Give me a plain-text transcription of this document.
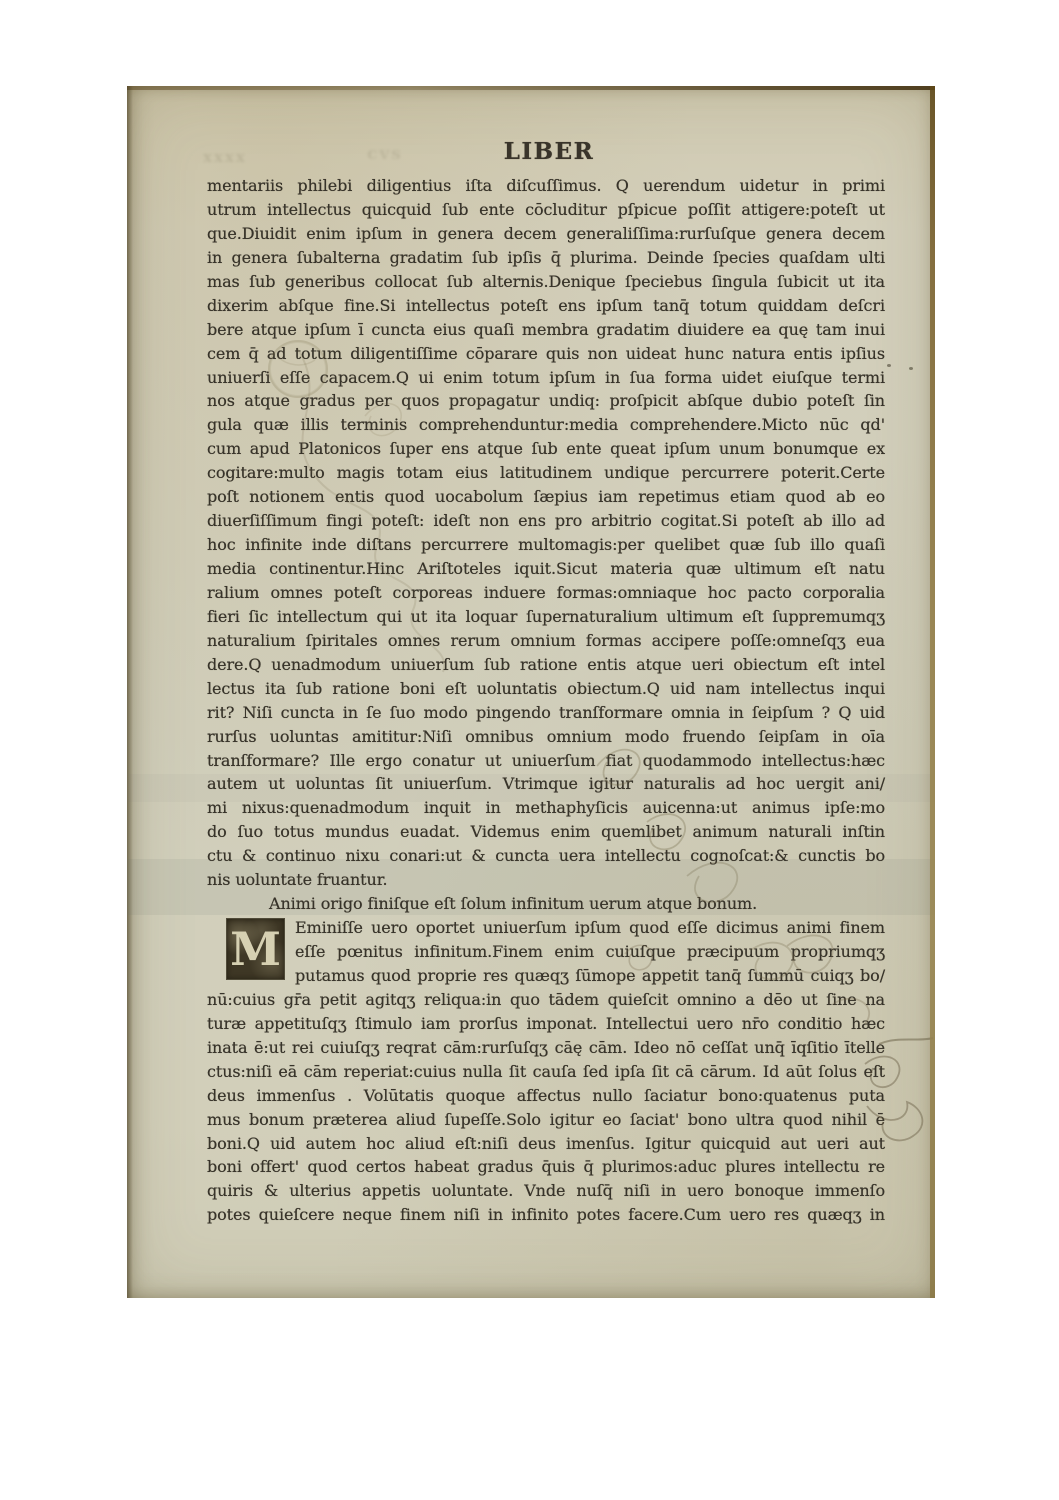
xxxx	cvs	LIBER
mentariis philebi diligentius iſta diſcuſſimus. Q uerendum uidetur in primi
utrum intellectus quicquid ſub ente cōcluditur pſpicue poſſit attigere:poteſt ut
que.Diuidit enim ipſum in genera decem generaliſſima:rurſuſque genera decem
in genera ſubalterna gradatim ſub ipſis q̄ plurima. Deinde ſpecies quaſdam ulti
mas ſub generibus collocat ſub alternis.Denique ſpeciebus ſingula ſubicit ut ita
dixerim abſque fine.Si intellectus poteſt ens ipſum tanq̄ totum quiddam deſcri
bere atque ipſum ī cuncta eius quaſi membra gradatim diuidere ea quę tam inui
cem q̄ ad totum diligentiſſime cōparare quis non uideat hunc natura entis ipſius
uniuerſi eſſe capacem.Q ui enim totum ipſum in ſua forma uidet eiuſque termi
nos atque gradus per quos propagatur undiq: proſpicit abſque dubio poteſt ſin
gula quæ illis terminis comprehenduntur:media comprehendere.Micto nūc qd'
cum apud Platonicos ſuper ens atque ſub ente queat ipſum unum bonumque ex
cogitare:multo magis totam eius latitudinem undique percurrere poterit.Certe
poſt notionem entis quod uocabolum ſæpius iam repetimus etiam quod ab eo
diuerſiſſimum fingi poteſt: ideſt non ens pro arbitrio cogitat.Si poteſt ab illo ad
hoc infinite inde diſtans percurrere multomagis:per quelibet quæ ſub illo quaſi
media continentur.Hinc Ariſtoteles iquit.Sicut materia quæ ultimum eſt natu
ralium omnes poteſt corporeas induere formas:omniaque hoc pacto corporalia
fieri ſic intellectum qui ut ita loquar ſupernaturalium ultimum eſt ſuppremumqʒ
naturalium ſpiritales omnes rerum omnium formas accipere poſſe:omneſqʒ eua
dere.Q uenadmodum uniuerſum ſub ratione entis atque ueri obiectum eſt intel
lectus ita ſub ratione boni eſt uoluntatis obiectum.Q uid nam intellectus inqui
rit? Niſi cuncta in ſe ſuo modo pingendo tranſformare omnia in ſeipſum ? Q uid
rurſus uoluntas amititur:Niſi omnibus omnium modo fruendo ſeipſam in oīa
tranſformare? Ille ergo conatur ut uniuerſum fiat quodammodo intellectus:hæc
autem ut uoluntas ſit uniuerſum. Vtrimque igitur naturalis ad hoc uergit ani/
mi nixus:quenadmodum inquit in methaphyſicis auicenna:ut animus ipſe:mo
do ſuo totus mundus euadat. Videmus enim quemlibet animum naturali inſtin
ctu & continuo nixu conari:ut & cuncta uera intellectu cognoſcat:& cunctis bo
nis uoluntate fruantur.
Animi origo finiſque eſt ſolum infinitum uerum atque bonum.
M Eminiſſe uero oportet uniuerſum ipſum quod eſſe dicimus animi finem
eſſe pœnitus infinitum.Finem enim cuiuſque præcipuum propriumqʒ
putamus quod proprie res quæqʒ ſūmope appetit tanq̄ ſummū cuiqʒ bo/
nū:cuius gr̄a petit agitqʒ reliqua:in quo tādem quieſcit omnino a dēo ut ſine na
turæ appetituſqʒ ſtimulo iam prorſus imponat. Intellectui uero nr̄o conditio hæc
inata ē:ut rei cuiuſqʒ reqrat cām:rurſuſqʒ cāę cām. Ideo nō ceſſat unq̄ īqſitio ītelle
ctus:niſi eā cām reperiat:cuius nulla ſit cauſa ſed ipſa ſit cā cārum. Id aūt ſolus eſt
deus immenſus . Volūtatis quoque affectus nullo ſaciatur bono:quatenus puta
mus bonum præterea aliud ſupeſſe.Solo igitur eo ſaciat' bono ultra quod nihil ē
boni.Q uid autem hoc aliud eſt:niſi deus imenſus. Igitur quicquid aut ueri aut
boni offert' quod certos habeat gradus q̄uis q̄ plurimos:aduc plures intellectu re
quiris & ulterius appetis uoluntate. Vnde nuſq̄ niſi in uero bonoque immenſo
potes quieſcere neque finem niſi in infinito potes facere.Cum uero res quæqʒ in
